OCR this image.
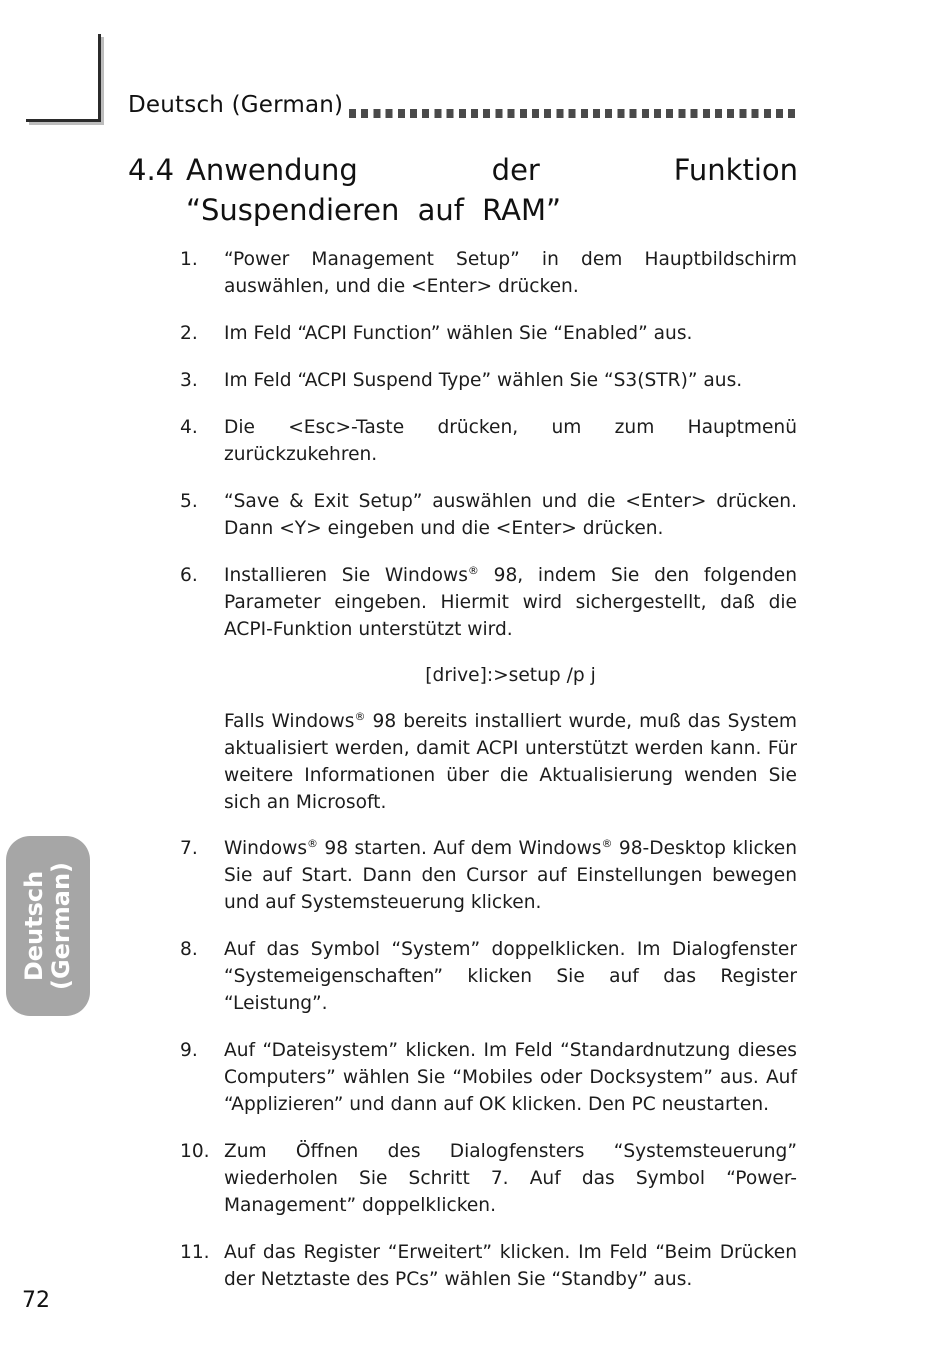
Deutsch (German)
4.4 Anwendung der Funktion “Suspendieren auf RAM”
1. “Power Management Setup” in dem Hauptbildschirm auswählen, und die <Enter> drücken.
2. Im Feld “ACPI Function” wählen Sie “Enabled” aus.
3. Im Feld “ACPI Suspend Type” wählen Sie “S3(STR)” aus.
4. Die <Esc>-Taste drücken, um zum Hauptmenü zurückzukehren.
5. “Save & Exit Setup” auswählen und die <Enter> drücken. Dann <Y> eingeben und die <Enter> drücken.
6. Installieren Sie Windows® 98, indem Sie den folgenden Parameter eingeben. Hiermit wird sichergestellt, daß die ACPI-Funktion unterstützt wird.
[drive]:>setup /p j
Falls Windows® 98 bereits installiert wurde, muß das System aktualisiert werden, damit ACPI unterstützt werden kann. Für weitere Informationen über die Aktualisierung wenden Sie sich an Microsoft.
7. Windows® 98 starten. Auf dem Windows® 98-Desktop klicken Sie auf Start. Dann den Cursor auf Einstellungen bewegen und auf Systemsteuerung klicken.
8. Auf das Symbol “System” doppelklicken. Im Dialogfenster “Systemeigenschaften” klicken Sie auf das Register “Leistung”.
9. Auf “Dateisystem” klicken. Im Feld “Standardnutzung dieses Computers” wählen Sie “Mobiles oder Docksystem” aus. Auf “Applizieren” und dann auf OK klicken. Den PC neustarten.
10. Zum Öffnen des Dialogfensters “Systemsteuerung” wiederholen Sie Schritt 7. Auf das Symbol “Power-Management” doppelklicken.
11. Auf das Register “Erweitert” klicken. Im Feld “Beim Drücken der Netztaste des PCs” wählen Sie “Standby” aus.
Deutsch (German)
72
